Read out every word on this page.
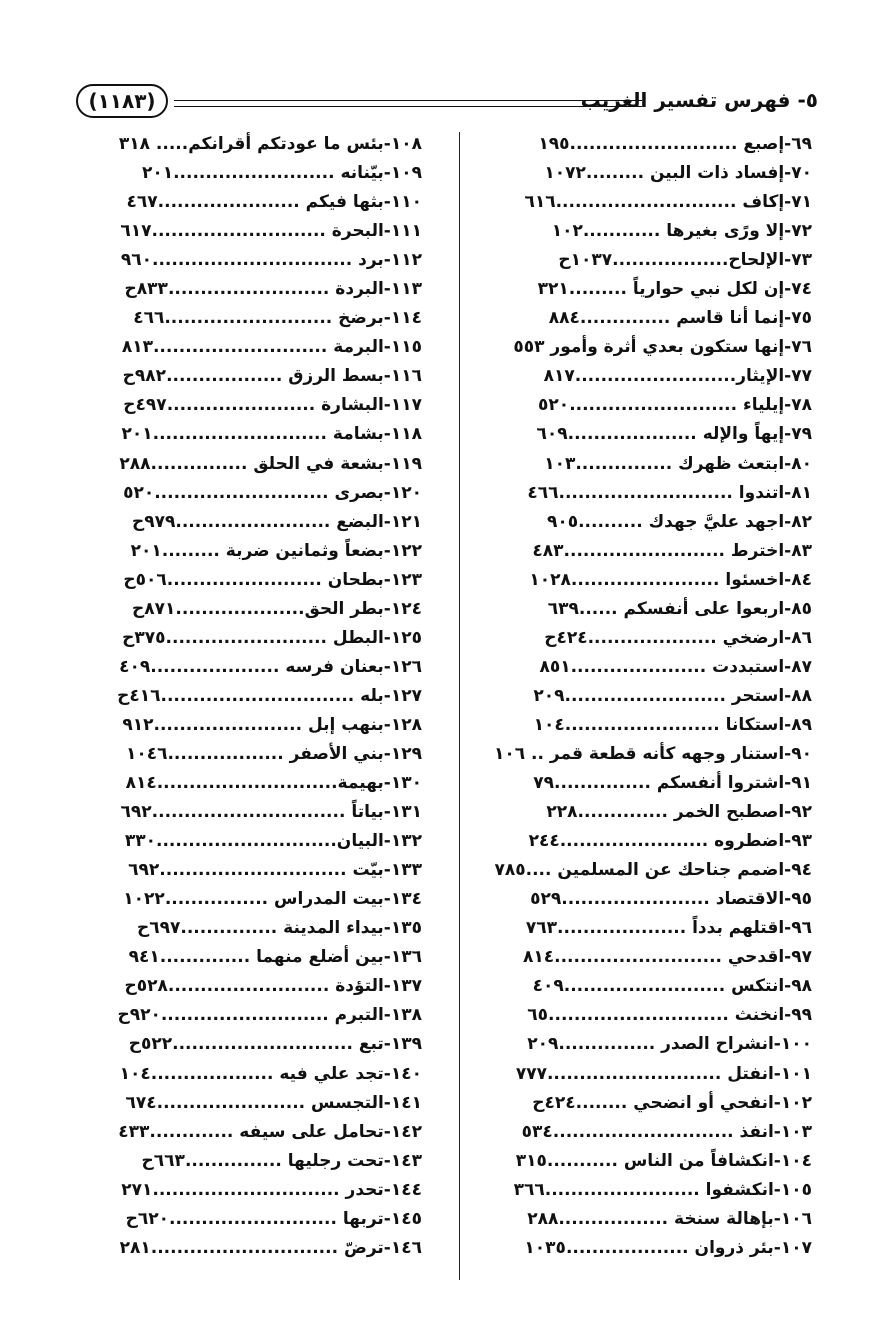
٥- فهرس تفسير الغريب
(١١٨٣)
٦٩-إصبع ..........................١٩٥
٧٠-إفساد ذات البين .........١٠٧٢
٧١-إكاف ............................٦١٦
٧٢-إلا ورًى بغيرها ............١٠٢
٧٣-الإلحاح..................١٠٣٧ح
٧٤-إن لكل نبي حوارياً .........٣٢١
٧٥-إنما أنا قاسم ..............٨٨٤
٧٦-إنها ستكون بعدي أثرة وأمور ٥٥٣
٧٧-الإيثار.........................٨١٧
٧٨-إيلياء ..........................٥٢٠
٧٩-إيهاً والإله ....................٦٠٩
٨٠-ابتعث ظهرك ...............١٠٣
٨١-اتندوا ...........................٤٦٦
٨٢-اجهد عليَّ جهدك ..........٩٠٥
٨٣-اخترط .........................٤٨٣
٨٤-اخسئوا .......................١٠٢٨
٨٥-اربعوا على أنفسكم ......٦٣٩
٨٦-ارضخي ....................٤٢٤ح
٨٧-استبددت .....................٨٥١
٨٨-استحر .........................٢٠٩
٨٩-استكانا ........................١٠٤
٩٠-استنار وجهه كأنه قطعة قمر .. ١٠٦
٩١-اشتروا أنفسكم ...............٧٩
٩٢-اصطبح الخمر ..............٢٢٨
٩٣-اضطروه .......................٢٤٤
٩٤-اضمم جناحك عن المسلمين ....٧٨٥
٩٥-الاقتصاد .......................٥٢٩
٩٦-اقتلهم بدداً ....................٧٦٣
٩٧-اقدحي ..........................٨١٤
٩٨-انتكس .........................٤٠٩
٩٩-انخنث ............................٦٥
١٠٠-انشراح الصدر ...............٢٠٩
١٠١-انفتل ...........................٧٧٧
١٠٢-انفحي أو انضحي ........٤٢٤ح
١٠٣-انفذ ............................٥٣٤
١٠٤-انكشافاً من الناس ...........٣١٥
١٠٥-انكشفوا ........................٣٦٦
١٠٦-بإهالة سنخة .................٢٨٨
١٠٧-بئر ذروان ...................١٠٣٥
١٠٨-بئس ما عودتكم أقرانكم..... ٣١٨
١٠٩-بيّنانه .........................٢٠١
١١٠-بثها فيكم ......................٤٦٧
١١١-البحرة ...........................٦١٧
١١٢-برد ...............................٩٦٠
١١٣-البردة .........................٨٣٣ح
١١٤-برضخ ..........................٤٦٦
١١٥-البرمة ...........................٨١٣
١١٦-بسط الرزق ..................٩٨٢ح
١١٧-البشارة .......................٤٩٧ح
١١٨-بشامة ...........................٢٠١
١١٩-بشعة في الحلق ...............٢٨٨
١٢٠-بصرى ...........................٥٢٠
١٢١-البضع ........................٩٧٩ح
١٢٢-بضعاً وثمانين ضربة .........٢٠١
١٢٣-بطحان ........................٥٠٦ح
١٢٤-بطر الحق....................٨٧١ح
١٢٥-البطل .........................٣٧٥ح
١٢٦-بعنان فرسه ....................٤٠٩
١٢٧-بله ..............................٤١٦ح
١٢٨-بنهب إبل .......................٩١٢
١٢٩-بني الأصفر ..................١٠٤٦
١٣٠-بهيمة............................٨١٤
١٣١-بياتاً ..............................٦٩٢
١٣٢-البيان............................٣٣٠
١٣٣-بيّت .............................٦٩٢
١٣٤-بيت المدراس ................١٠٢٢
١٣٥-بيداء المدينة ...............٦٩٧ح
١٣٦-بين أضلع منهما ..............٩٤١
١٣٧-التؤدة .........................٥٢٨ح
١٣٨-التبرم ..........................٩٢٠ح
١٣٩-تبع ............................٥٢٢ح
١٤٠-تجد علي فيه ...................١٠٤
١٤١-التجسس .......................٦٧٤
١٤٢-تحامل على سيفه .............٤٣٣
١٤٣-تحت رجليها ...............٦٦٣ح
١٤٤-تحدر .............................٢٧١
١٤٥-تربها ..........................٦٢٠ح
١٤٦-ترضّ .............................٢٨١
